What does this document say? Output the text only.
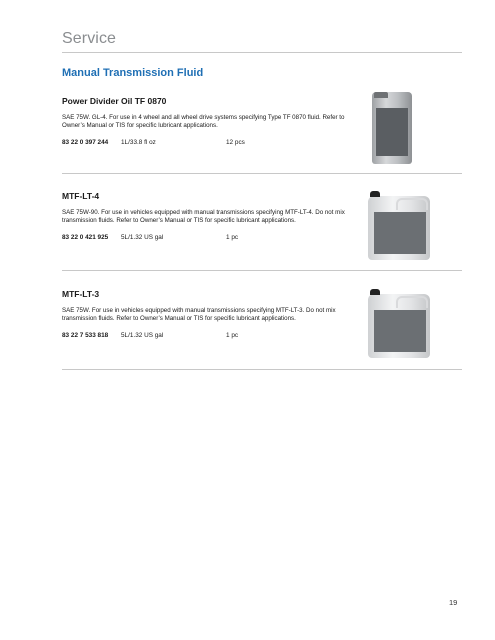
Service
Manual Transmission Fluid

Power Divider Oil TF 0870

SAE 75W. GL-4. For use in 4 wheel and all wheel drive systems specifying Type TF 0870 fluid. Refer to Owner’s Manual or TIS for specific lubricant applications.

83 22 0 397 244 1L/33.8 fl oz	12 pcs

MTF-LT-4

SAE 75W-90. For use in vehicles equipped with manual transmissions specifying MTF-LT-4. Do not mix transmission fluids. Refer to Owner’s Manual or TIS for specific lubricant applications.

83 22 0 421 925 5L/1.32 US gal	1 pc

MTF-LT-3

SAE 75W. For use in vehicles equipped with manual transmissions specifying MTF-LT-3. Do not mix transmission fluids. Refer to Owner’s Manual or TIS for specific lubricant applications.

83 22 7 533 818 5L/1.32 US gal	1 pc
19
